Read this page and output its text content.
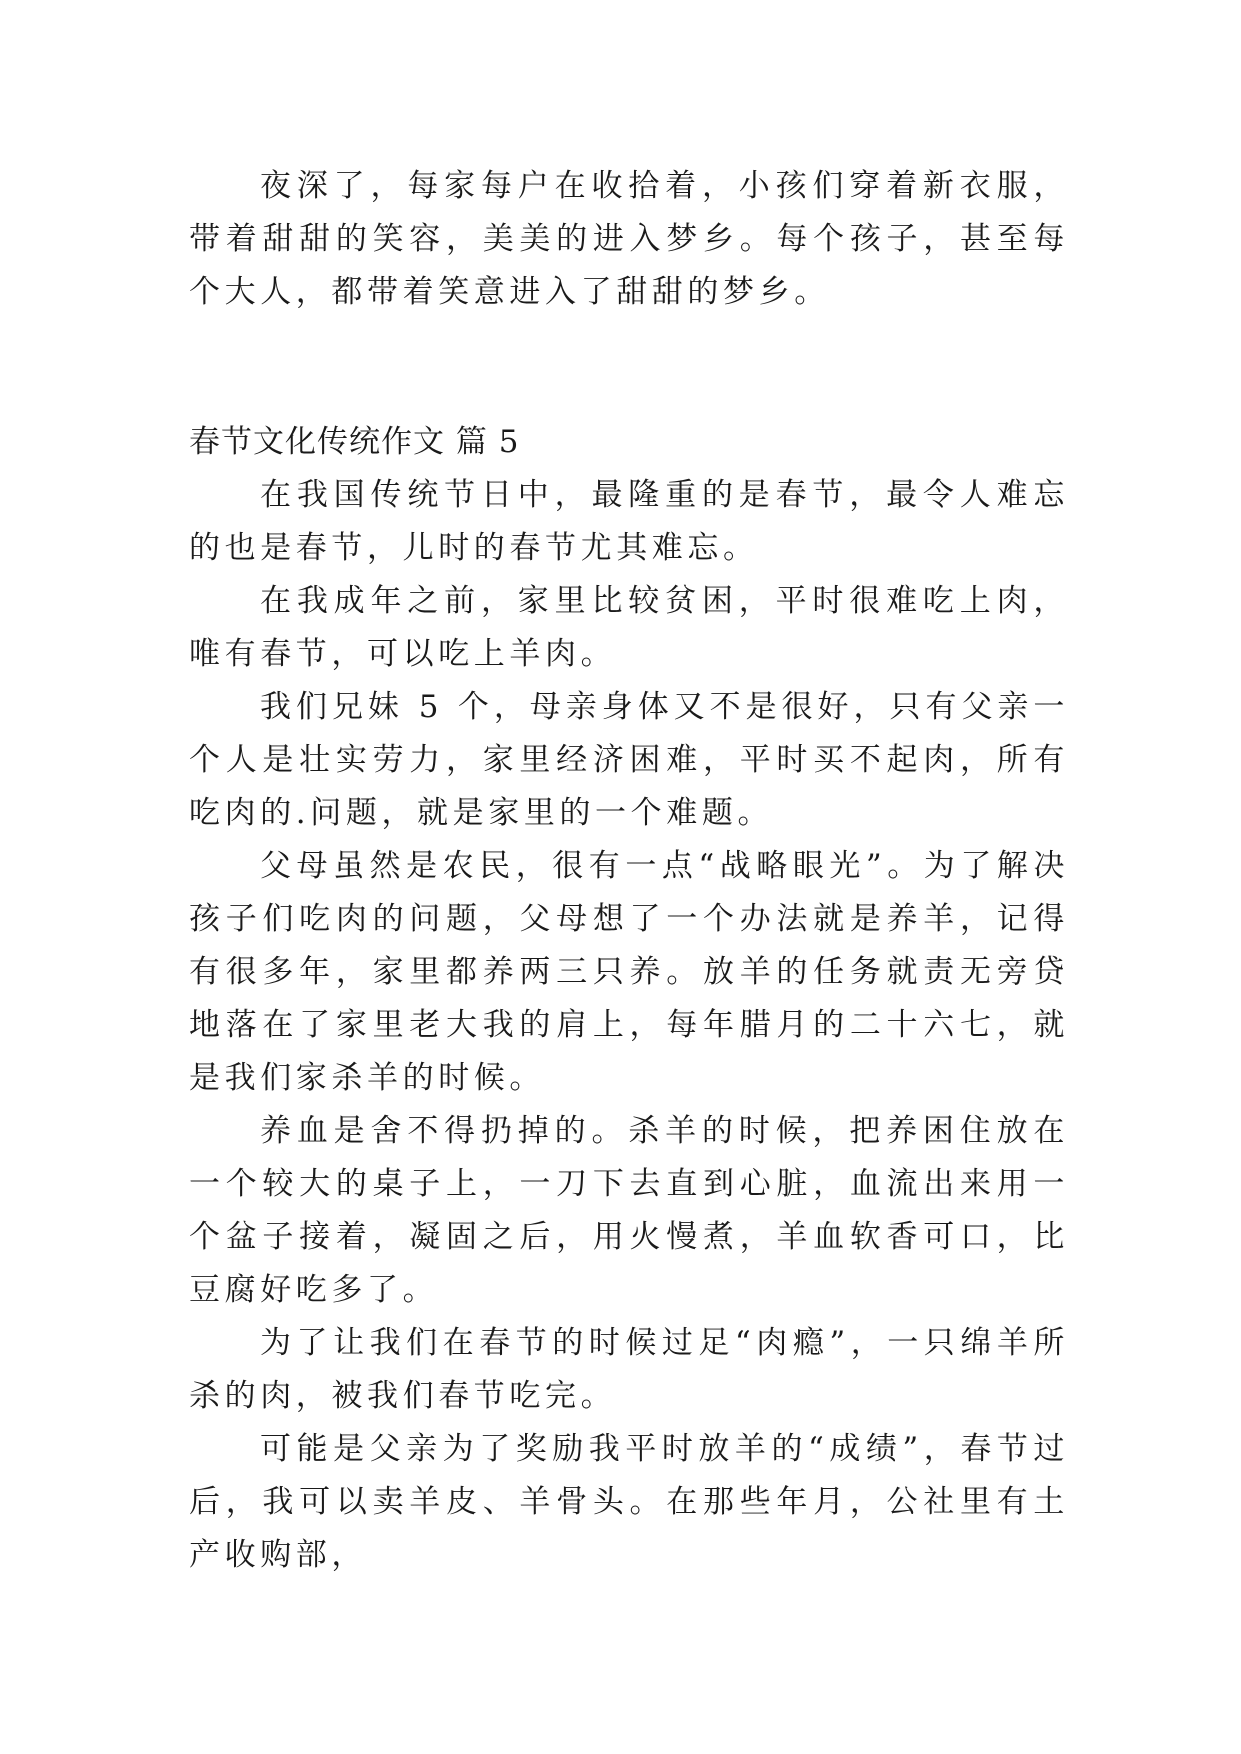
夜深了，每家每户在收拾着，小孩们穿着新衣服，带着甜甜的笑容，美美的进入梦乡。每个孩子，甚至每个大人，都带着笑意进入了甜甜的梦乡。

春节文化传统作文 篇 5

在我国传统节日中，最隆重的是春节，最令人难忘的也是春节，儿时的春节尤其难忘。

在我成年之前，家里比较贫困，平时很难吃上肉，唯有春节，可以吃上羊肉。

我们兄妹 5 个，母亲身体又不是很好，只有父亲一个人是壮实劳力，家里经济困难，平时买不起肉，所有吃肉的.问题，就是家里的一个难题。

父母虽然是农民，很有一点“战略眼光”。为了解决孩子们吃肉的问题，父母想了一个办法就是养羊，记得有很多年，家里都养两三只养。放羊的任务就责无旁贷地落在了家里老大我的肩上，每年腊月的二十六七，就是我们家杀羊的时候。

养血是舍不得扔掉的。杀羊的时候，把养困住放在一个较大的桌子上，一刀下去直到心脏，血流出来用一个盆子接着，凝固之后，用火慢煮，羊血软香可口，比豆腐好吃多了。

为了让我们在春节的时候过足“肉瘾”，一只绵羊所杀的肉，被我们春节吃完。

可能是父亲为了奖励我平时放羊的“成绩”，春节过后，我可以卖羊皮、羊骨头。在那些年月，公社里有土产收购部，
